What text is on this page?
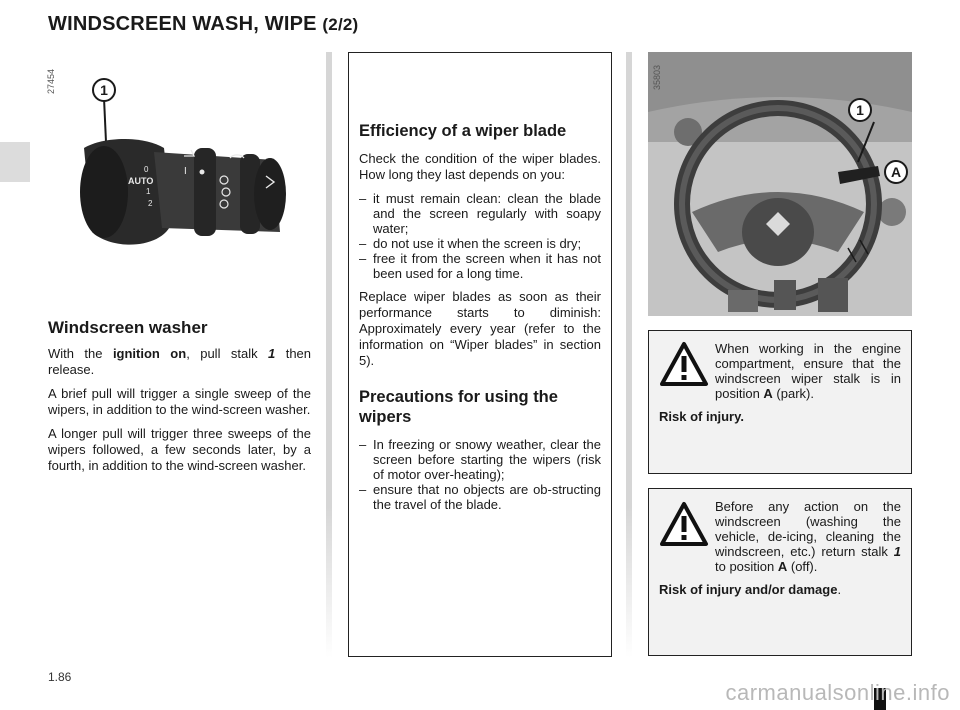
WINDSCREEN WASH, WIPE (2/2)
27454
AUTO
0
1
2
I
1
Windscreen washer

With the ignition on, pull stalk 1 then release.

A brief pull will trigger a single sweep of the wipers, in addition to the wind-screen washer.

A longer pull will trigger three sweeps of the wipers followed, a few seconds later, by a fourth, in addition to the wind-screen washer.

Efficiency of a wiper blade

Check the condition of the wiper blades. How long they last depends on you:

– it must remain clean: clean the blade and the screen regularly with soapy water;
– do not use it when the screen is dry;
– free it from the screen when it has not been used for a long time.

Replace wiper blades as soon as their performance starts to diminish: Approximately every year (refer to the information on “Wiper blades” in section 5).

Precautions for using the wipers
– In freezing or snowy weather, clear the screen before starting the wipers (risk of motor over-heating);
– ensure that no objects are ob-structing the travel of the blade.
35803
1
A
When working in the engine compartment, ensure that the windscreen wiper stalk is in position A (park).
Risk of injury.
Before any action on the windscreen (washing the vehicle, de-icing, cleaning the windscreen, etc.) return stalk 1 to position A (off).
Risk of injury and/or damage.
1.86
carmanualsonline.info
